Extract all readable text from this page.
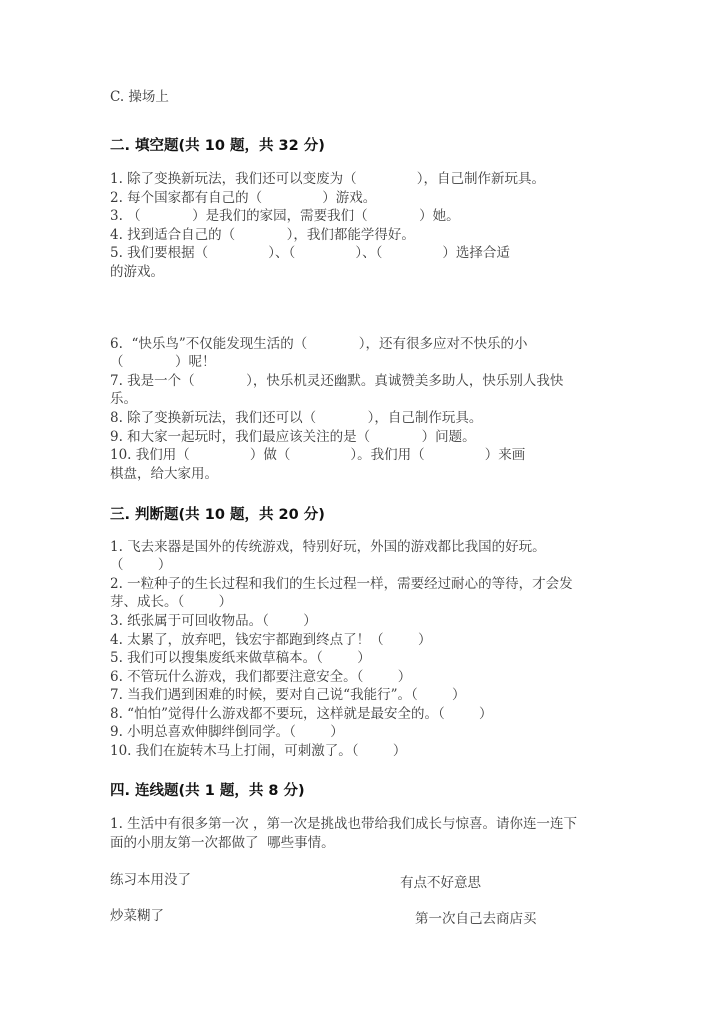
C. 操场上
二. 填空题(共 10 题，共 32 分)
1. 除了变换新玩法，我们还可以变废为（              ），自己制作新玩具。
2. 每个国家都有自己的（              ）游戏。
3. （            ）是我们的家园，需要我们（            ）她。
4. 找到适合自己的（            ），我们都能学得好。
5. 我们要根据（              ）、（              ）、（              ）选择合适
的游戏。
6.  “快乐鸟”不仅能发现生活的（            ），还有很多应对不快乐的小
（            ）呢！
7. 我是一个（            ），快乐机灵还幽默。真诚赞美多助人，快乐别人我快
乐。
8. 除了变换新玩法，我们还可以（            ），自己制作玩具。
9. 和大家一起玩时，我们最应该关注的是（            ）问题。
10. 我们用（              ）做（              ）。我们用（              ）来画
棋盘，给大家用。
三. 判断题(共 10 题，共 20 分)
1. 飞去来器是国外的传统游戏，特别好玩，外国的游戏都比我国的好玩。
（        ）
2. 一粒种子的生长过程和我们的生长过程一样，需要经过耐心的等待，才会发
芽、成长。（        ）
3. 纸张属于可回收物品。（        ）
4. 太累了，放弃吧，钱宏宇都跑到终点了！（        ）
5. 我们可以搜集废纸来做草稿本。（        ）
6. 不管玩什么游戏，我们都要注意安全。（        ）
7. 当我们遇到困难的时候，要对自己说“我能行”。（        ）
8. “怕怕”觉得什么游戏都不要玩，这样就是最安全的。（        ）
9. 小明总喜欢伸脚绊倒同学。（        ）
10. 我们在旋转木马上打闹，可刺激了。（        ）
四. 连线题(共 1 题，共 8 分)
1. 生活中有很多第一次 ，第一次是挑战也带给我们成长与惊喜。请你连一连下
面的小朋友第一次都做了  哪些事情。
练习本用没了	有点不好意思
炒菜糊了	第一次自己去商店买
